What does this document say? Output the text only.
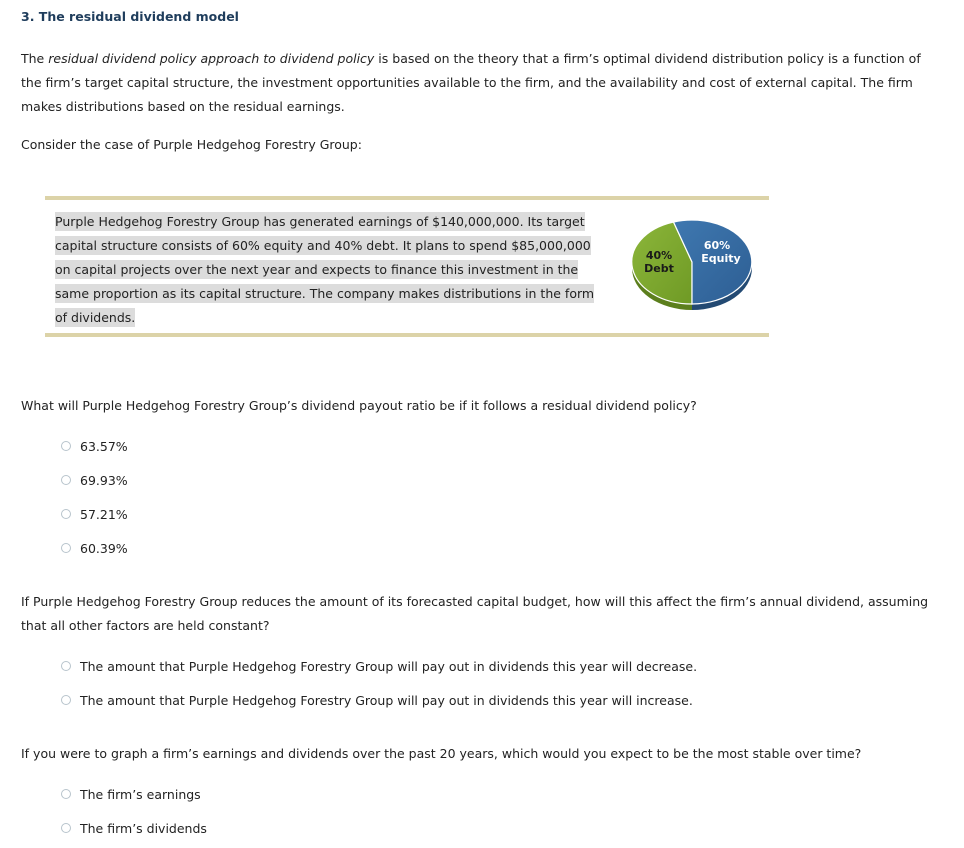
3. The residual dividend model
The residual dividend policy approach to dividend policy is based on the theory that a firm’s optimal dividend distribution policy is a function of the firm’s target capital structure, the investment opportunities available to the firm, and the availability and cost of external capital. The firm makes distributions based on the residual earnings.
Consider the case of Purple Hedgehog Forestry Group:
Purple Hedgehog Forestry Group has generated earnings of $140,000,000. Its target capital structure consists of 60% equity and 40% debt. It plans to spend $85,000,000 on capital projects over the next year and expects to finance this investment in the same proportion as its capital structure. The company makes distributions in the form of dividends.
40%
Debt
60%
Equity
What will Purple Hedgehog Forestry Group’s dividend payout ratio be if it follows a residual dividend policy?
63.57%
69.93%
57.21%
60.39%
If Purple Hedgehog Forestry Group reduces the amount of its forecasted capital budget, how will this affect the firm’s annual dividend, assuming that all other factors are held constant?
The amount that Purple Hedgehog Forestry Group will pay out in dividends this year will decrease.
The amount that Purple Hedgehog Forestry Group will pay out in dividends this year will increase.
If you were to graph a firm’s earnings and dividends over the past 20 years, which would you expect to be the most stable over time?
The firm’s earnings
The firm’s dividends
